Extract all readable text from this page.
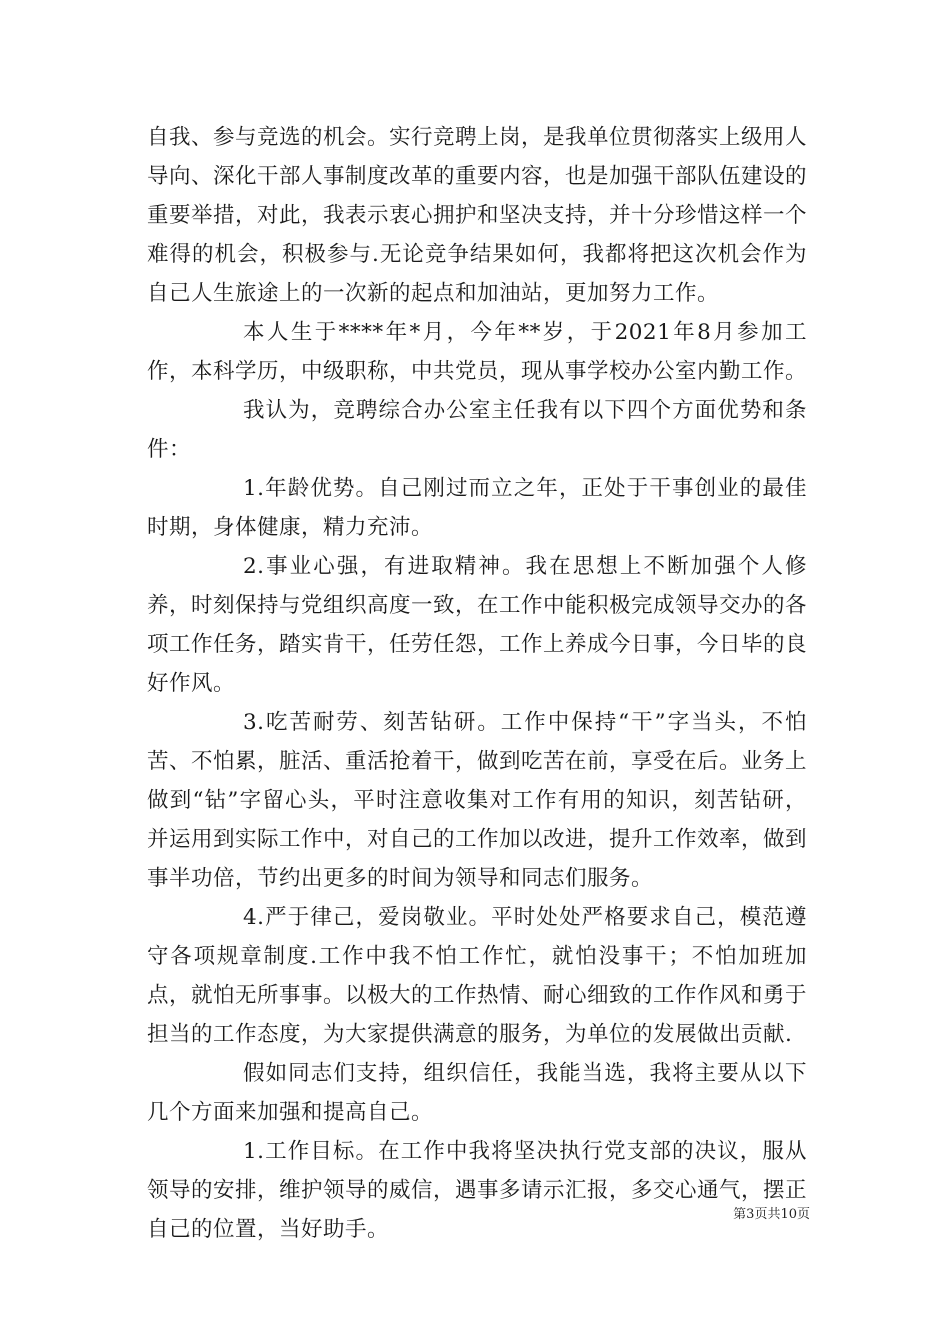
自我、参与竞选的机会。实行竞聘上岗，是我单位贯彻落实上级用人导向、深化干部人事制度改革的重要内容，也是加强干部队伍建设的重要举措，对此，我表示衷心拥护和坚决支持，并十分珍惜这样一个难得的机会，积极参与.无论竞争结果如何，我都将把这次机会作为自己人生旅途上的一次新的起点和加油站，更加努力工作。

本人生于****年*月，今年**岁，于2021年8月参加工作，本科学历，中级职称，中共党员，现从事学校办公室内勤工作。

我认为，竞聘综合办公室主任我有以下四个方面优势和条件：

1.年龄优势。自己刚过而立之年，正处于干事创业的最佳时期，身体健康，精力充沛。

2.事业心强，有进取精神。我在思想上不断加强个人修养，时刻保持与党组织高度一致，在工作中能积极完成领导交办的各项工作任务，踏实肯干，任劳任怨，工作上养成今日事，今日毕的良好作风。

3.吃苦耐劳、刻苦钻研。工作中保持“干”字当头，不怕苦、不怕累，脏活、重活抢着干，做到吃苦在前，享受在后。业务上做到“钻”字留心头，平时注意收集对工作有用的知识，刻苦钻研，并运用到实际工作中，对自己的工作加以改进，提升工作效率，做到事半功倍，节约出更多的时间为领导和同志们服务。

4.严于律己，爱岗敬业。平时处处严格要求自己，模范遵守各项规章制度.工作中我不怕工作忙，就怕没事干；不怕加班加点，就怕无所事事。以极大的工作热情、耐心细致的工作作风和勇于担当的工作态度，为大家提供满意的服务，为单位的发展做出贡献.

假如同志们支持，组织信任，我能当选，我将主要从以下几个方面来加强和提高自己。

1.工作目标。在工作中我将坚决执行党支部的决议，服从领导的安排，维护领导的威信，遇事多请示汇报，多交心通气，摆正自己的位置，当好助手。

第3页共10页
